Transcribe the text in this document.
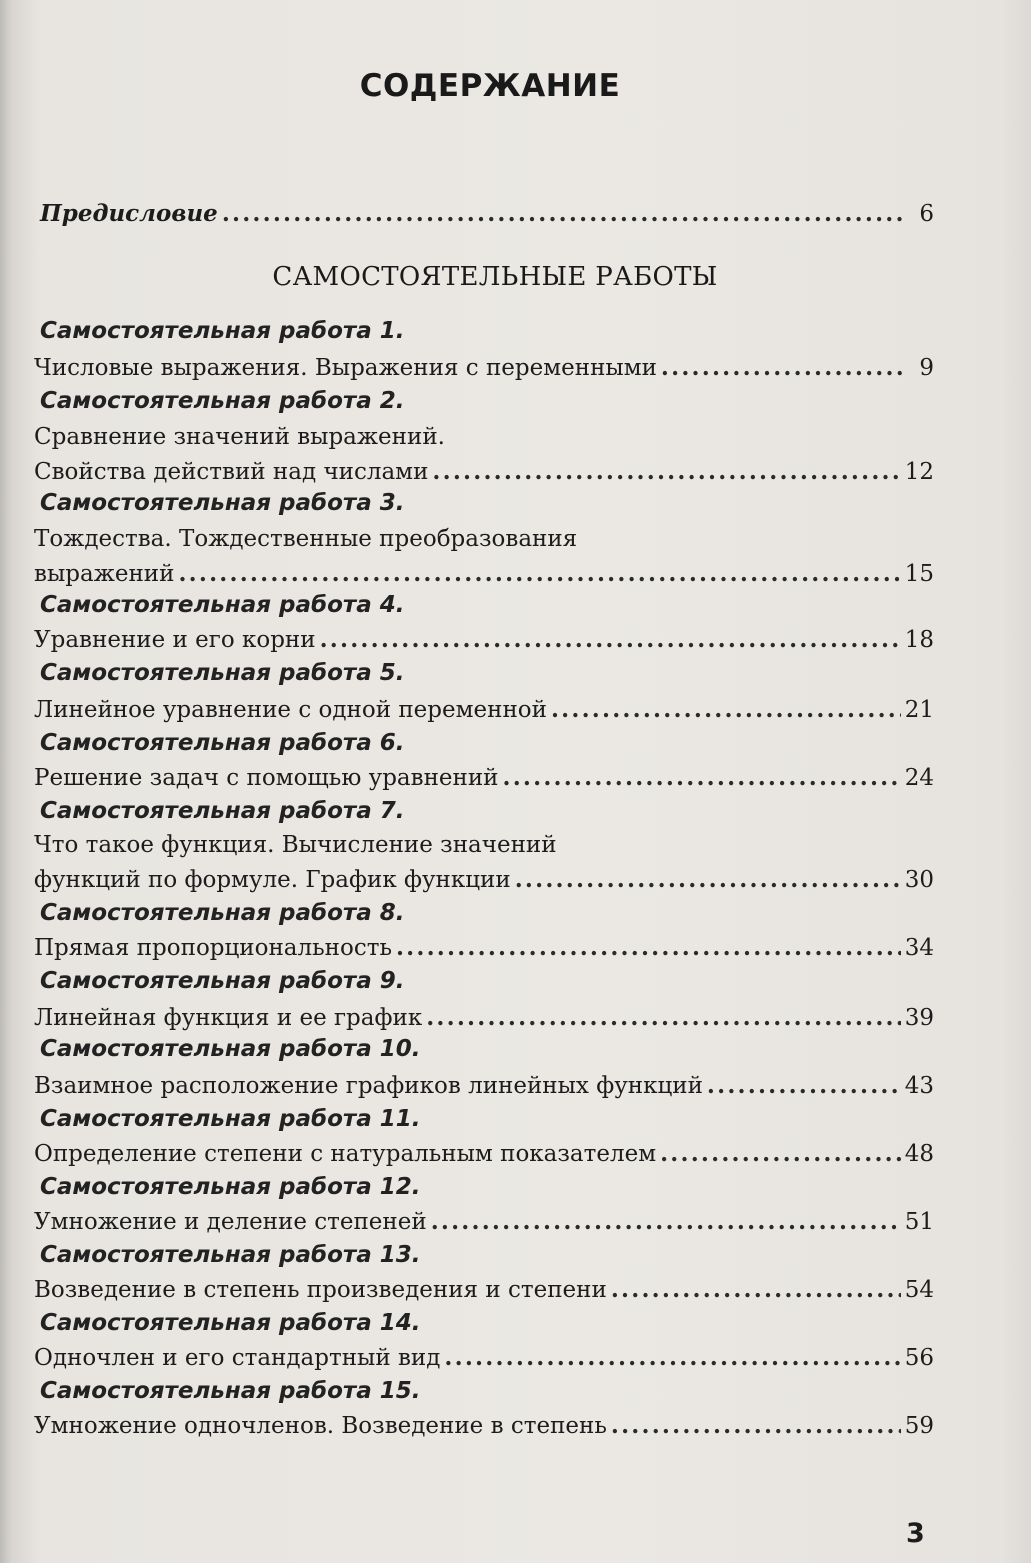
СОДЕРЖАНИЕ
Предисловие .....	6
САМОСТОЯТЕЛЬНЫЕ РАБОТЫ
Самостоятельная работа 1.
Числовые выражения. Выражения с переменными .....	9
Самостоятельная работа 2.
Сравнение значений выражений.
Свойства действий над числами .....	12
Самостоятельная работа 3.
Тождества. Тождественные преобразования
выражений .....	15
Самостоятельная работа 4.
Уравнение и его корни .....	18
Самостоятельная работа 5.
Линейное уравнение с одной переменной .....	21
Самостоятельная работа 6.
Решение задач с помощью уравнений .....	24
Самостоятельная работа 7.
Что такое функция. Вычисление значений
функций по формуле. График функции .....	30
Самостоятельная работа 8.
Прямая пропорциональность .....	34
Самостоятельная работа 9.
Линейная функция и ее график .....	39
Самостоятельная работа 10.
Взаимное расположение графиков линейных функций .....	43
Самостоятельная работа 11.
Определение степени с натуральным показателем .....	48
Самостоятельная работа 12.
Умножение и деление степеней .....	51
Самостоятельная работа 13.
Возведение в степень произведения и степени .....	54
Самостоятельная работа 14.
Одночлен и его стандартный вид .....	56
Самостоятельная работа 15.
Умножение одночленов. Возведение в степень .....	59
3
